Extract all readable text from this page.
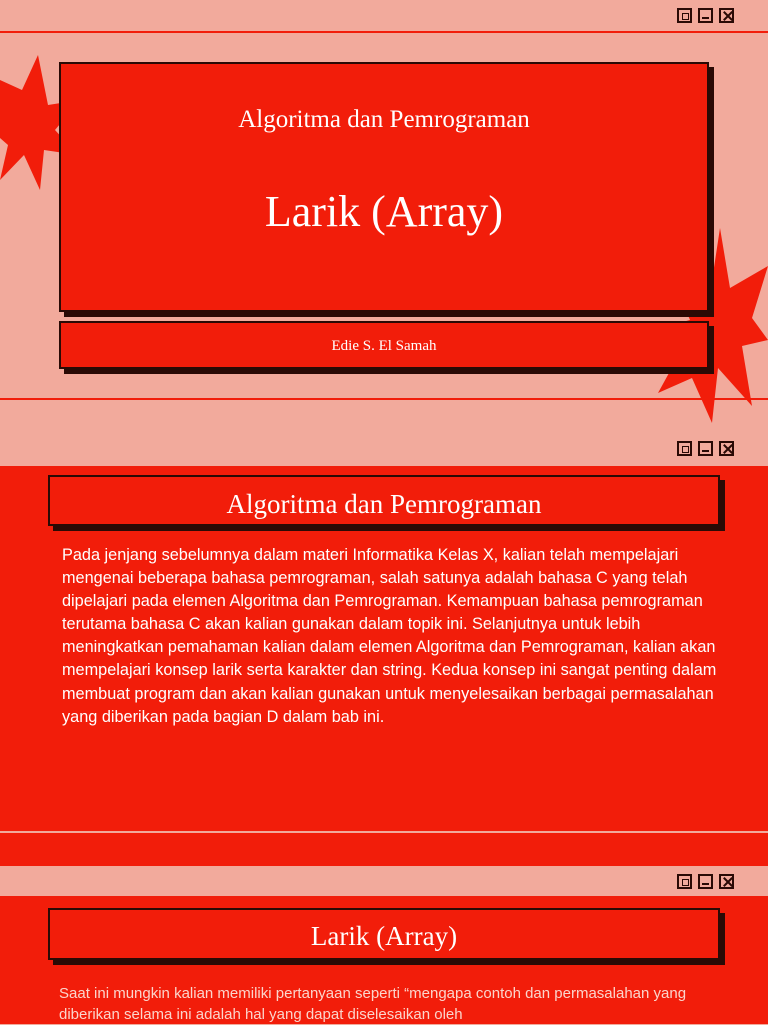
Algoritma dan Pemrograman
Larik (Array)
Edie S. El Samah
Algoritma dan Pemrograman
Pada jenjang sebelumnya dalam materi Informatika Kelas X, kalian telah mempelajari mengenai beberapa bahasa pemrograman, salah satunya adalah bahasa C yang telah dipelajari pada elemen Algoritma dan Pemrograman. Kemampuan bahasa pemrograman terutama bahasa C akan kalian gunakan dalam topik ini. Selanjutnya untuk lebih meningkatkan pemahaman kalian dalam elemen Algoritma dan Pemrograman, kalian akan mempelajari konsep larik serta karakter dan string. Kedua konsep ini sangat penting dalam membuat program dan akan kalian gunakan untuk menyelesaikan berbagai permasalahan yang diberikan pada bagian D dalam bab ini.
Larik (Array)
Saat ini mungkin kalian memiliki pertanyaan seperti “mengapa contoh dan permasalahan yang diberikan selama ini adalah hal yang dapat diselesaikan oleh
